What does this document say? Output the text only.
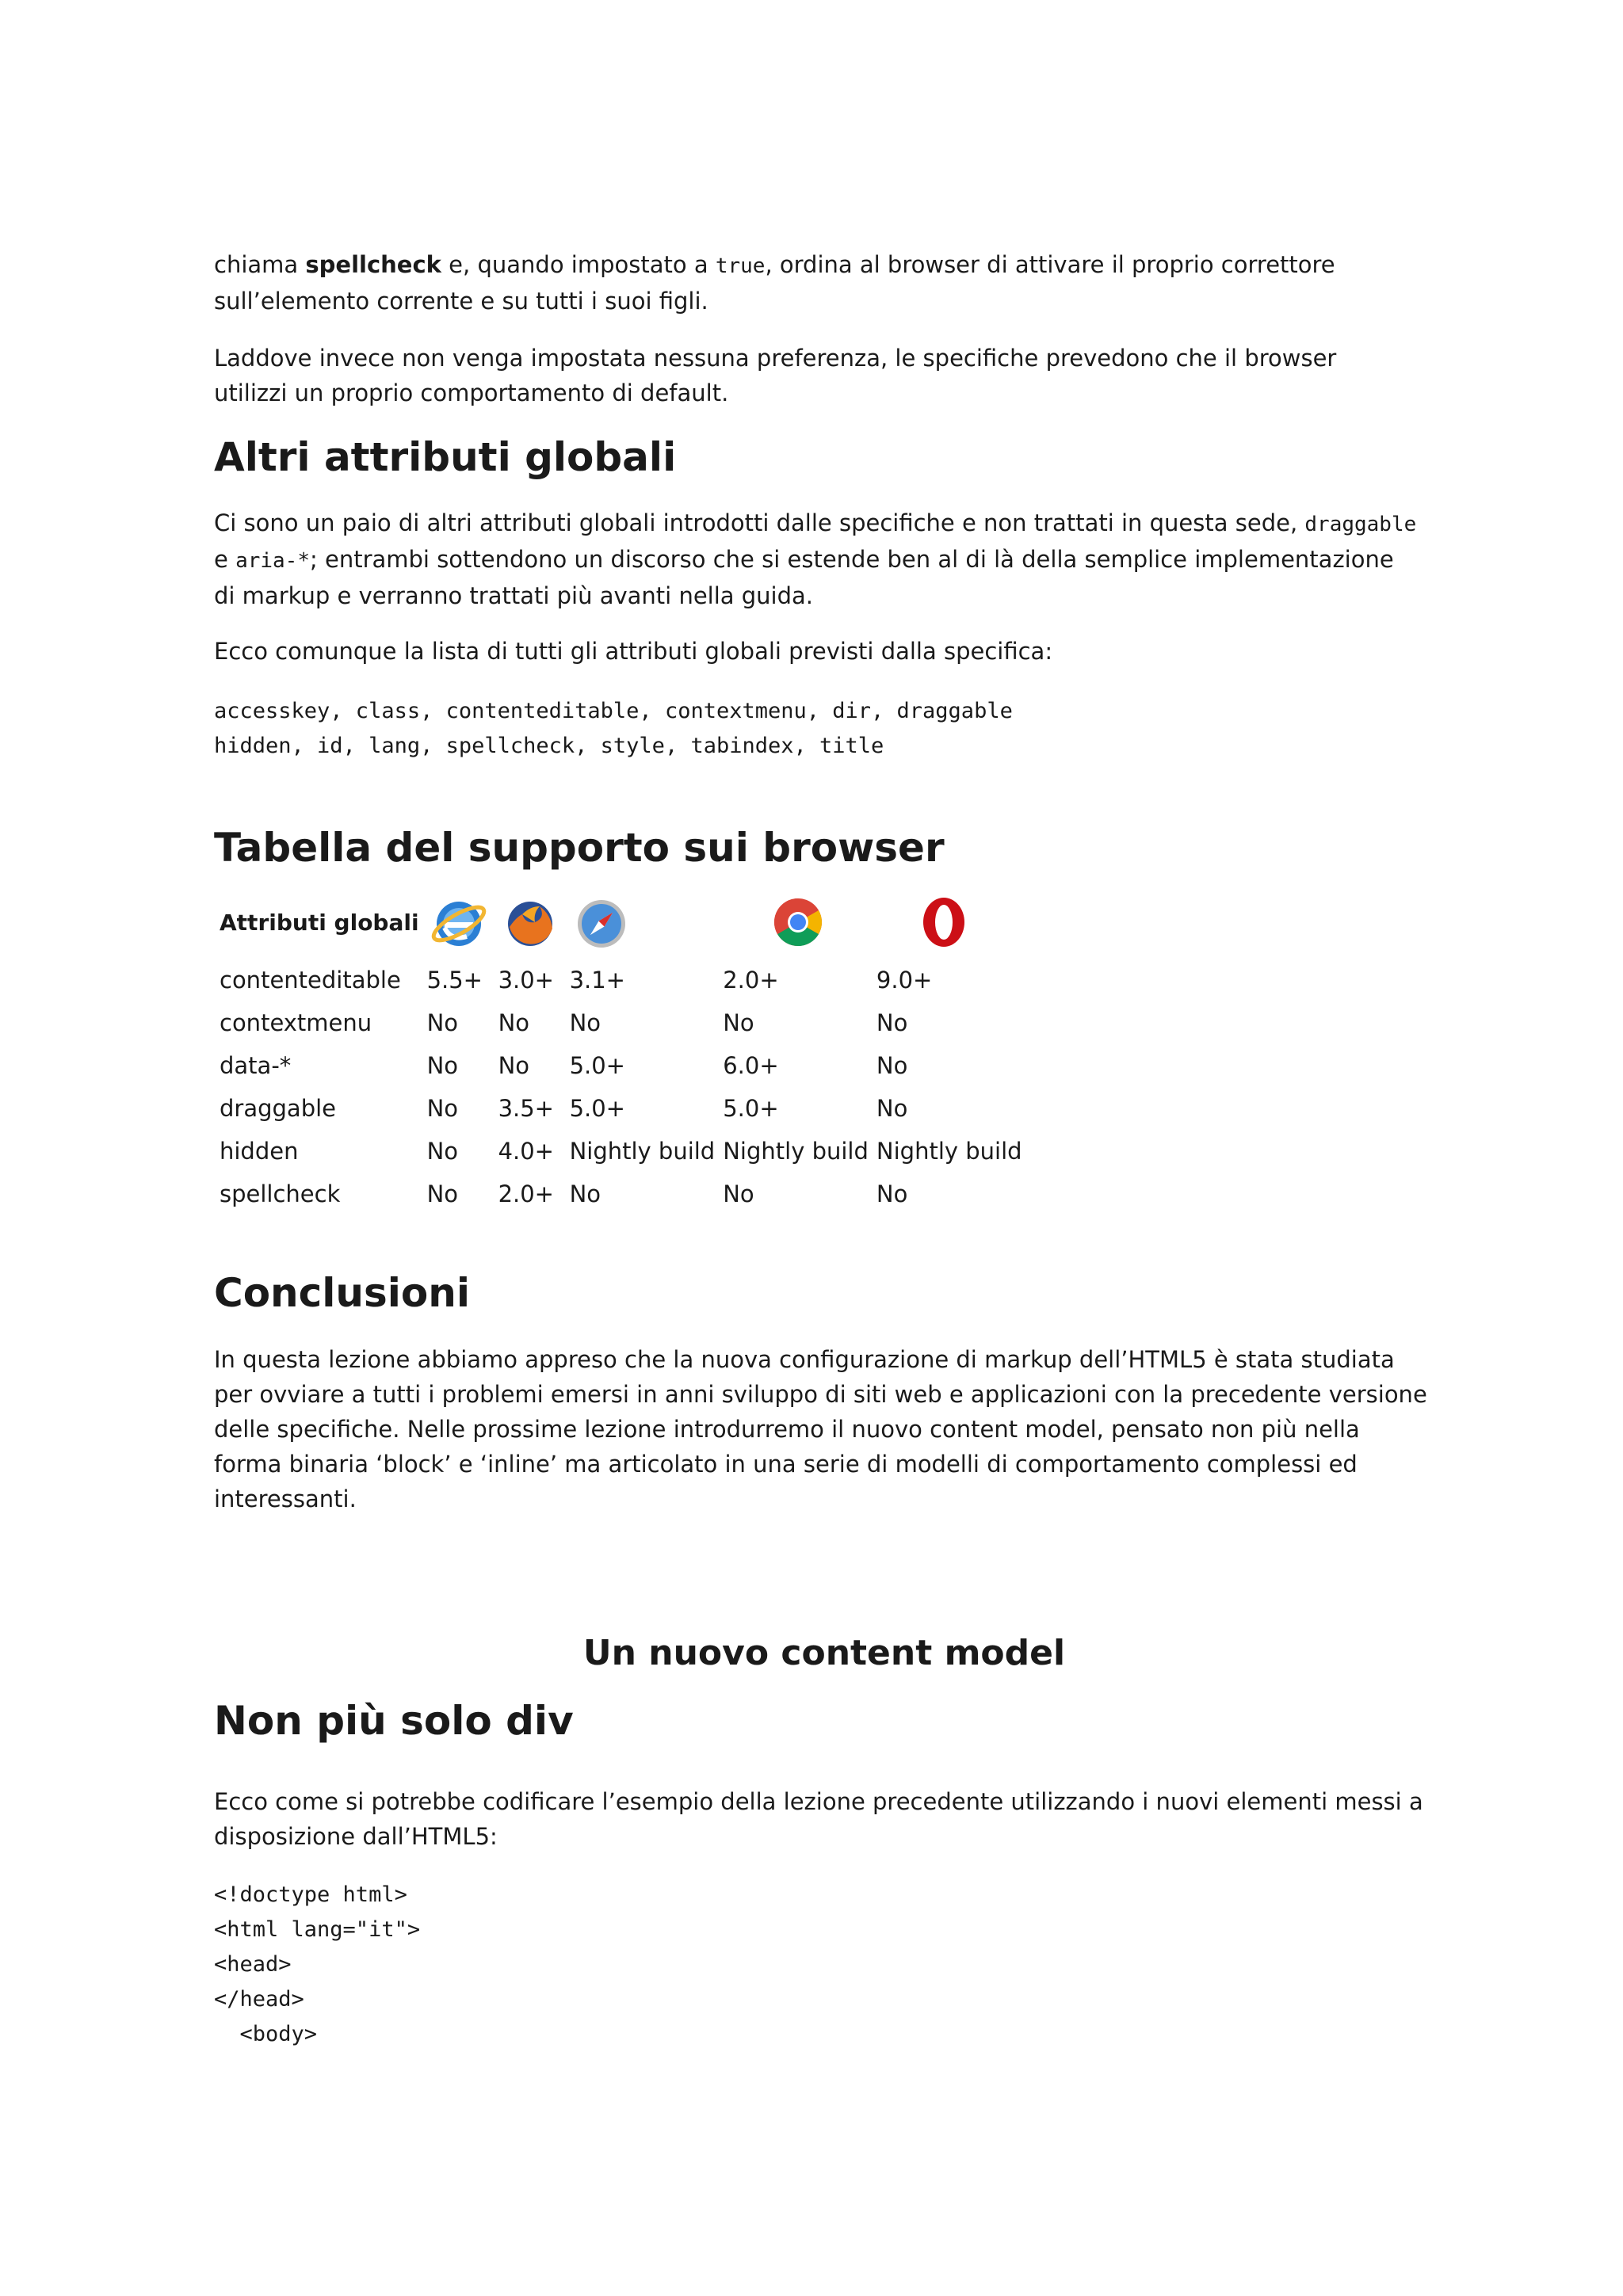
chiama spellcheck e, quando impostato a true, ordina al browser di attivare il proprio correttore sull’elemento corrente e su tutti i suoi figli.

Laddove invece non venga impostata nessuna preferenza, le specifiche prevedono che il browser utilizzi un proprio comportamento di default.

Altri attributi globali

Ci sono un paio di altri attributi globali introdotti dalle specifiche e non trattati in questa sede, draggable e aria-*; entrambi sottendono un discorso che si estende ben al di là della semplice implementazione di markup e verranno trattati più avanti nella guida.

Ecco comunque la lista di tutti gli attributi globali previsti dalla specifica:

accesskey, class, contenteditable, contextmenu, dir, draggable
hidden, id, lang, spellcheck, style, tabindex, title
Tabella del supporto sui browser
Attributi globali	

contenteditable	5.5+	3.0+	3.1+	2.0+	9.0+
contextmenu	No	No	No	No	No
data-*	No	No	5.0+	6.0+	No
draggable	No	3.5+	5.0+	5.0+	No
hidden	No	4.0+	Nightly build	Nightly build	Nightly build
spellcheck	No	2.0+	No	No	No
Conclusioni

In questa lezione abbiamo appreso che la nuova configurazione di markup dell’HTML5 è stata studiata per ovviare a tutti i problemi emersi in anni sviluppo di siti web e applicazioni con la precedente versione delle specifiche. Nelle prossime lezione introdurremo il nuovo content model, pensato non più nella forma binaria ‘block’ e ‘inline’ ma articolato in una serie di modelli di comportamento complessi ed interessanti.

Un nuovo content model
Non più solo div

Ecco come si potrebbe codificare l’esempio della lezione precedente utilizzando i nuovi elementi messi a disposizione dall’HTML5:

<!doctype html>
<html lang="it">
<head>
</head>
<body>
